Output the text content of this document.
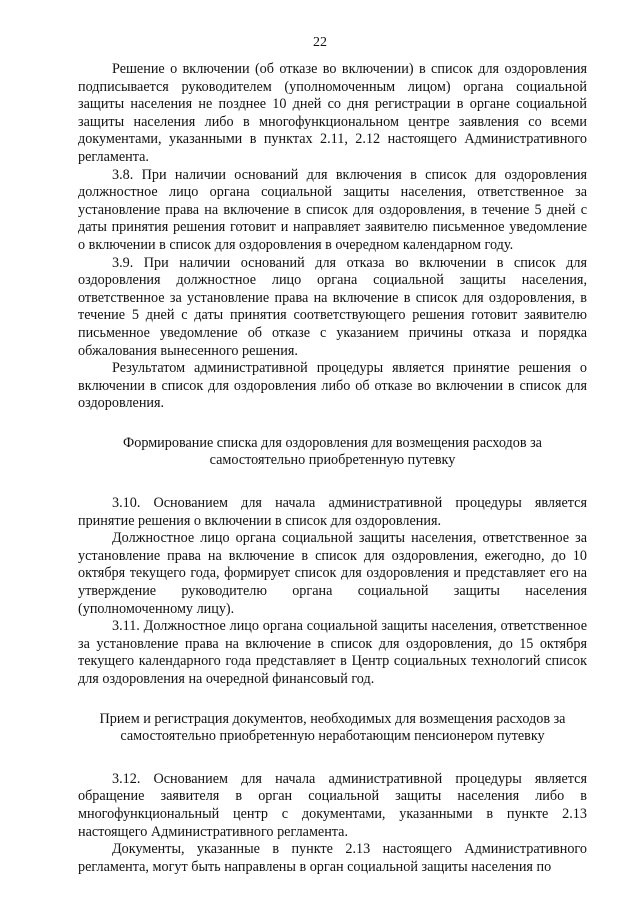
22

Решение о включении (об отказе во включении) в список для оздоровления подписывается руководителем (уполномоченным лицом) органа социальной защиты населения не позднее 10 дней со дня регистрации в органе социальной защиты населения либо в многофункциональном центре заявления со всеми документами, указанными в пунктах 2.11, 2.12 настоящего Административного регламента.

3.8. При наличии оснований для включения в список для оздоровления должностное лицо органа социальной защиты населения, ответственное за установление права на включение в список для оздоровления, в течение 5 дней с даты принятия решения готовит и направляет заявителю письменное уведомление о включении в список для оздоровления в очередном календарном году.

3.9. При наличии оснований для отказа во включении в список для оздоровления должностное лицо органа социальной защиты населения, ответственное за установление права на включение в список для оздоровления, в течение 5 дней с даты принятия соответствующего решения готовит заявителю письменное уведомление об отказе с указанием причины отказа и порядка обжалования вынесенного решения.

Результатом административной процедуры является принятие решения о включении в список для оздоровления либо об отказе во включении в список для оздоровления.

Формирование списка для оздоровления для возмещения расходов за самостоятельно приобретенную путевку

3.10. Основанием для начала административной процедуры является принятие решения о включении в список для оздоровления.

Должностное лицо органа социальной защиты населения, ответственное за установление права на включение в список для оздоровления, ежегодно, до 10 октября текущего года, формирует список для оздоровления и представляет его на утверждение руководителю органа социальной защиты населения (уполномоченному лицу).

3.11. Должностное лицо органа социальной защиты населения, ответственное за установление права на включение в список для оздоровления, до 15 октября текущего календарного года представляет в Центр социальных технологий список для оздоровления на очередной финансовый год.

Прием и регистрация документов, необходимых для возмещения расходов за самостоятельно приобретенную неработающим пенсионером путевку

3.12. Основанием для начала административной процедуры является обращение заявителя в орган социальной защиты населения либо в многофункциональный центр с документами, указанными в пункте 2.13 настоящего Административного регламента.

Документы, указанные в пункте 2.13 настоящего Административного регламента, могут быть направлены в орган социальной защиты населения по
